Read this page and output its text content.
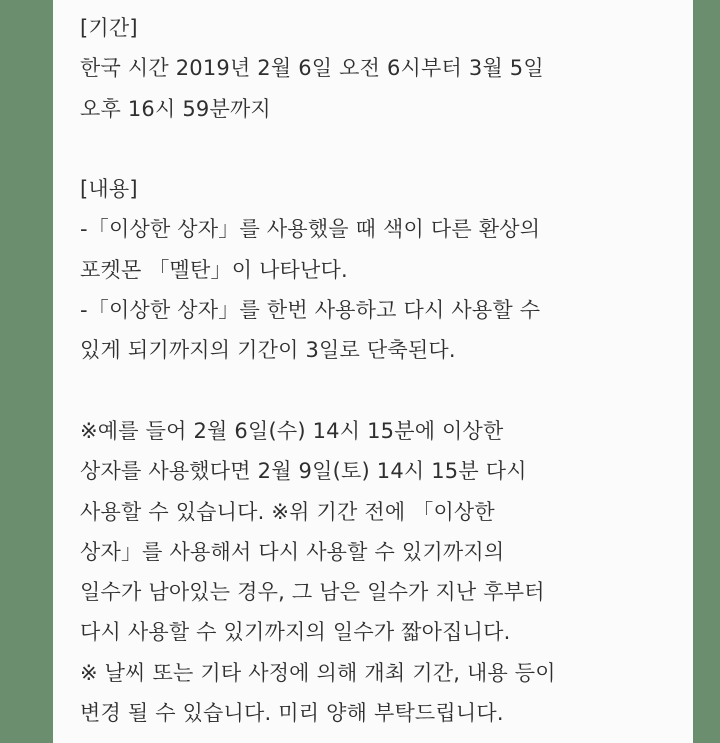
[기간]
한국 시간 2019년 2월 6일 오전 6시부터 3월 5일
오후 16시 59분까지
[내용]
-「이상한 상자」를 사용했을 때 색이 다른 환상의
포켓몬 「멜탄」이 나타난다.
-「이상한 상자」를 한번 사용하고 다시 사용할 수
있게 되기까지의 기간이 3일로 단축된다.
※예를 들어 2월 6일(수) 14시 15분에 이상한
상자를 사용했다면 2월 9일(토) 14시 15분 다시
사용할 수 있습니다. ※위 기간 전에 「이상한
상자」를 사용해서 다시 사용할 수 있기까지의
일수가 남아있는 경우, 그 남은 일수가 지난 후부터
다시 사용할 수 있기까지의 일수가 짧아집니다.
※ 날씨 또는 기타 사정에 의해 개최 기간, 내용 등이
변경 될 수 있습니다. 미리 양해 부탁드립니다.
